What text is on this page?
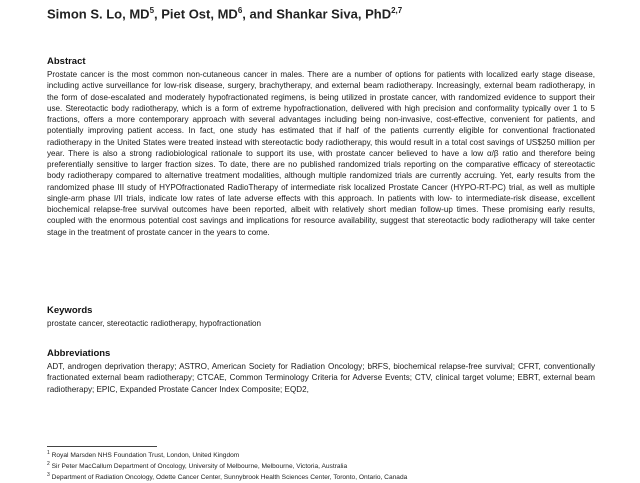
Simon S. Lo, $MD^5$, Piet Ost, $MD^6$, and Shankar Siva, PhD$^{2,7}$
Abstract

Prostate cancer is the most common non-cutaneous cancer in males. There are a number of options for patients with localized early stage disease, including active surveillance for low-risk disease, surgery, brachytherapy, and external beam radiotherapy. Increasingly, external beam radiotherapy, in the form of dose-escalated and moderately hypofractionated regimens, is being utilized in prostate cancer, with randomized evidence to support their use. Stereotactic body radiotherapy, which is a form of extreme hypofractionation, delivered with high precision and conformality typically over 1 to 5 fractions, offers a more contemporary approach with several advantages including being non-invasive, cost-effective, convenient for patients, and potentially improving patient access. In fact, one study has estimated that if half of the patients currently eligible for conventional fractionated radiotherapy in the United States were treated instead with stereotactic body radiotherapy, this would result in a total cost savings of US$250 million per year. There is also a strong radiobiological rationale to support its use, with prostate cancer believed to have a low α/β ratio and therefore being preferentially sensitive to larger fraction sizes. To date, there are no published randomized trials reporting on the comparative efficacy of stereotactic body radiotherapy compared to alternative treatment modalities, although multiple randomized trials are currently accruing. Yet, early results from the randomized phase III study of HYPOfractionated RadioTherapy of intermediate risk localized Prostate Cancer (HYPO-RT-PC) trial, as well as multiple single-arm phase I/II trials, indicate low rates of late adverse effects with this approach. In patients with low- to intermediate-risk disease, excellent biochemical relapse-free survival outcomes have been reported, albeit with relatively short median follow-up times. These promising early results, coupled with the enormous potential cost savings and implications for resource availability, suggest that stereotactic body radiotherapy will take center stage in the treatment of prostate cancer in the years to come.

Keywords

prostate cancer, stereotactic radiotherapy, hypofractionation

Abbreviations

ADT, androgen deprivation therapy; ASTRO, American Society for Radiation Oncology; bRFS, biochemical relapse-free survival; CFRT, conventionally fractionated external beam radiotherapy; CTCAE, Common Terminology Criteria for Adverse Events; CTV, clinical target volume; EBRT, external beam radiotherapy; EPIC, Expanded Prostate Cancer Index Composite; EQD2,

$^1$ Royal Marsden NHS Foundation Trust, London, United Kingdom
$^2$ Sir Peter MacCallum Department of Oncology, University of Melbourne, Melbourne, Victoria, Australia
$^3$ Department of Radiation Oncology, Odette Cancer Center, Sunnybrook Health Sciences Center, Toronto, Ontario, Canada
